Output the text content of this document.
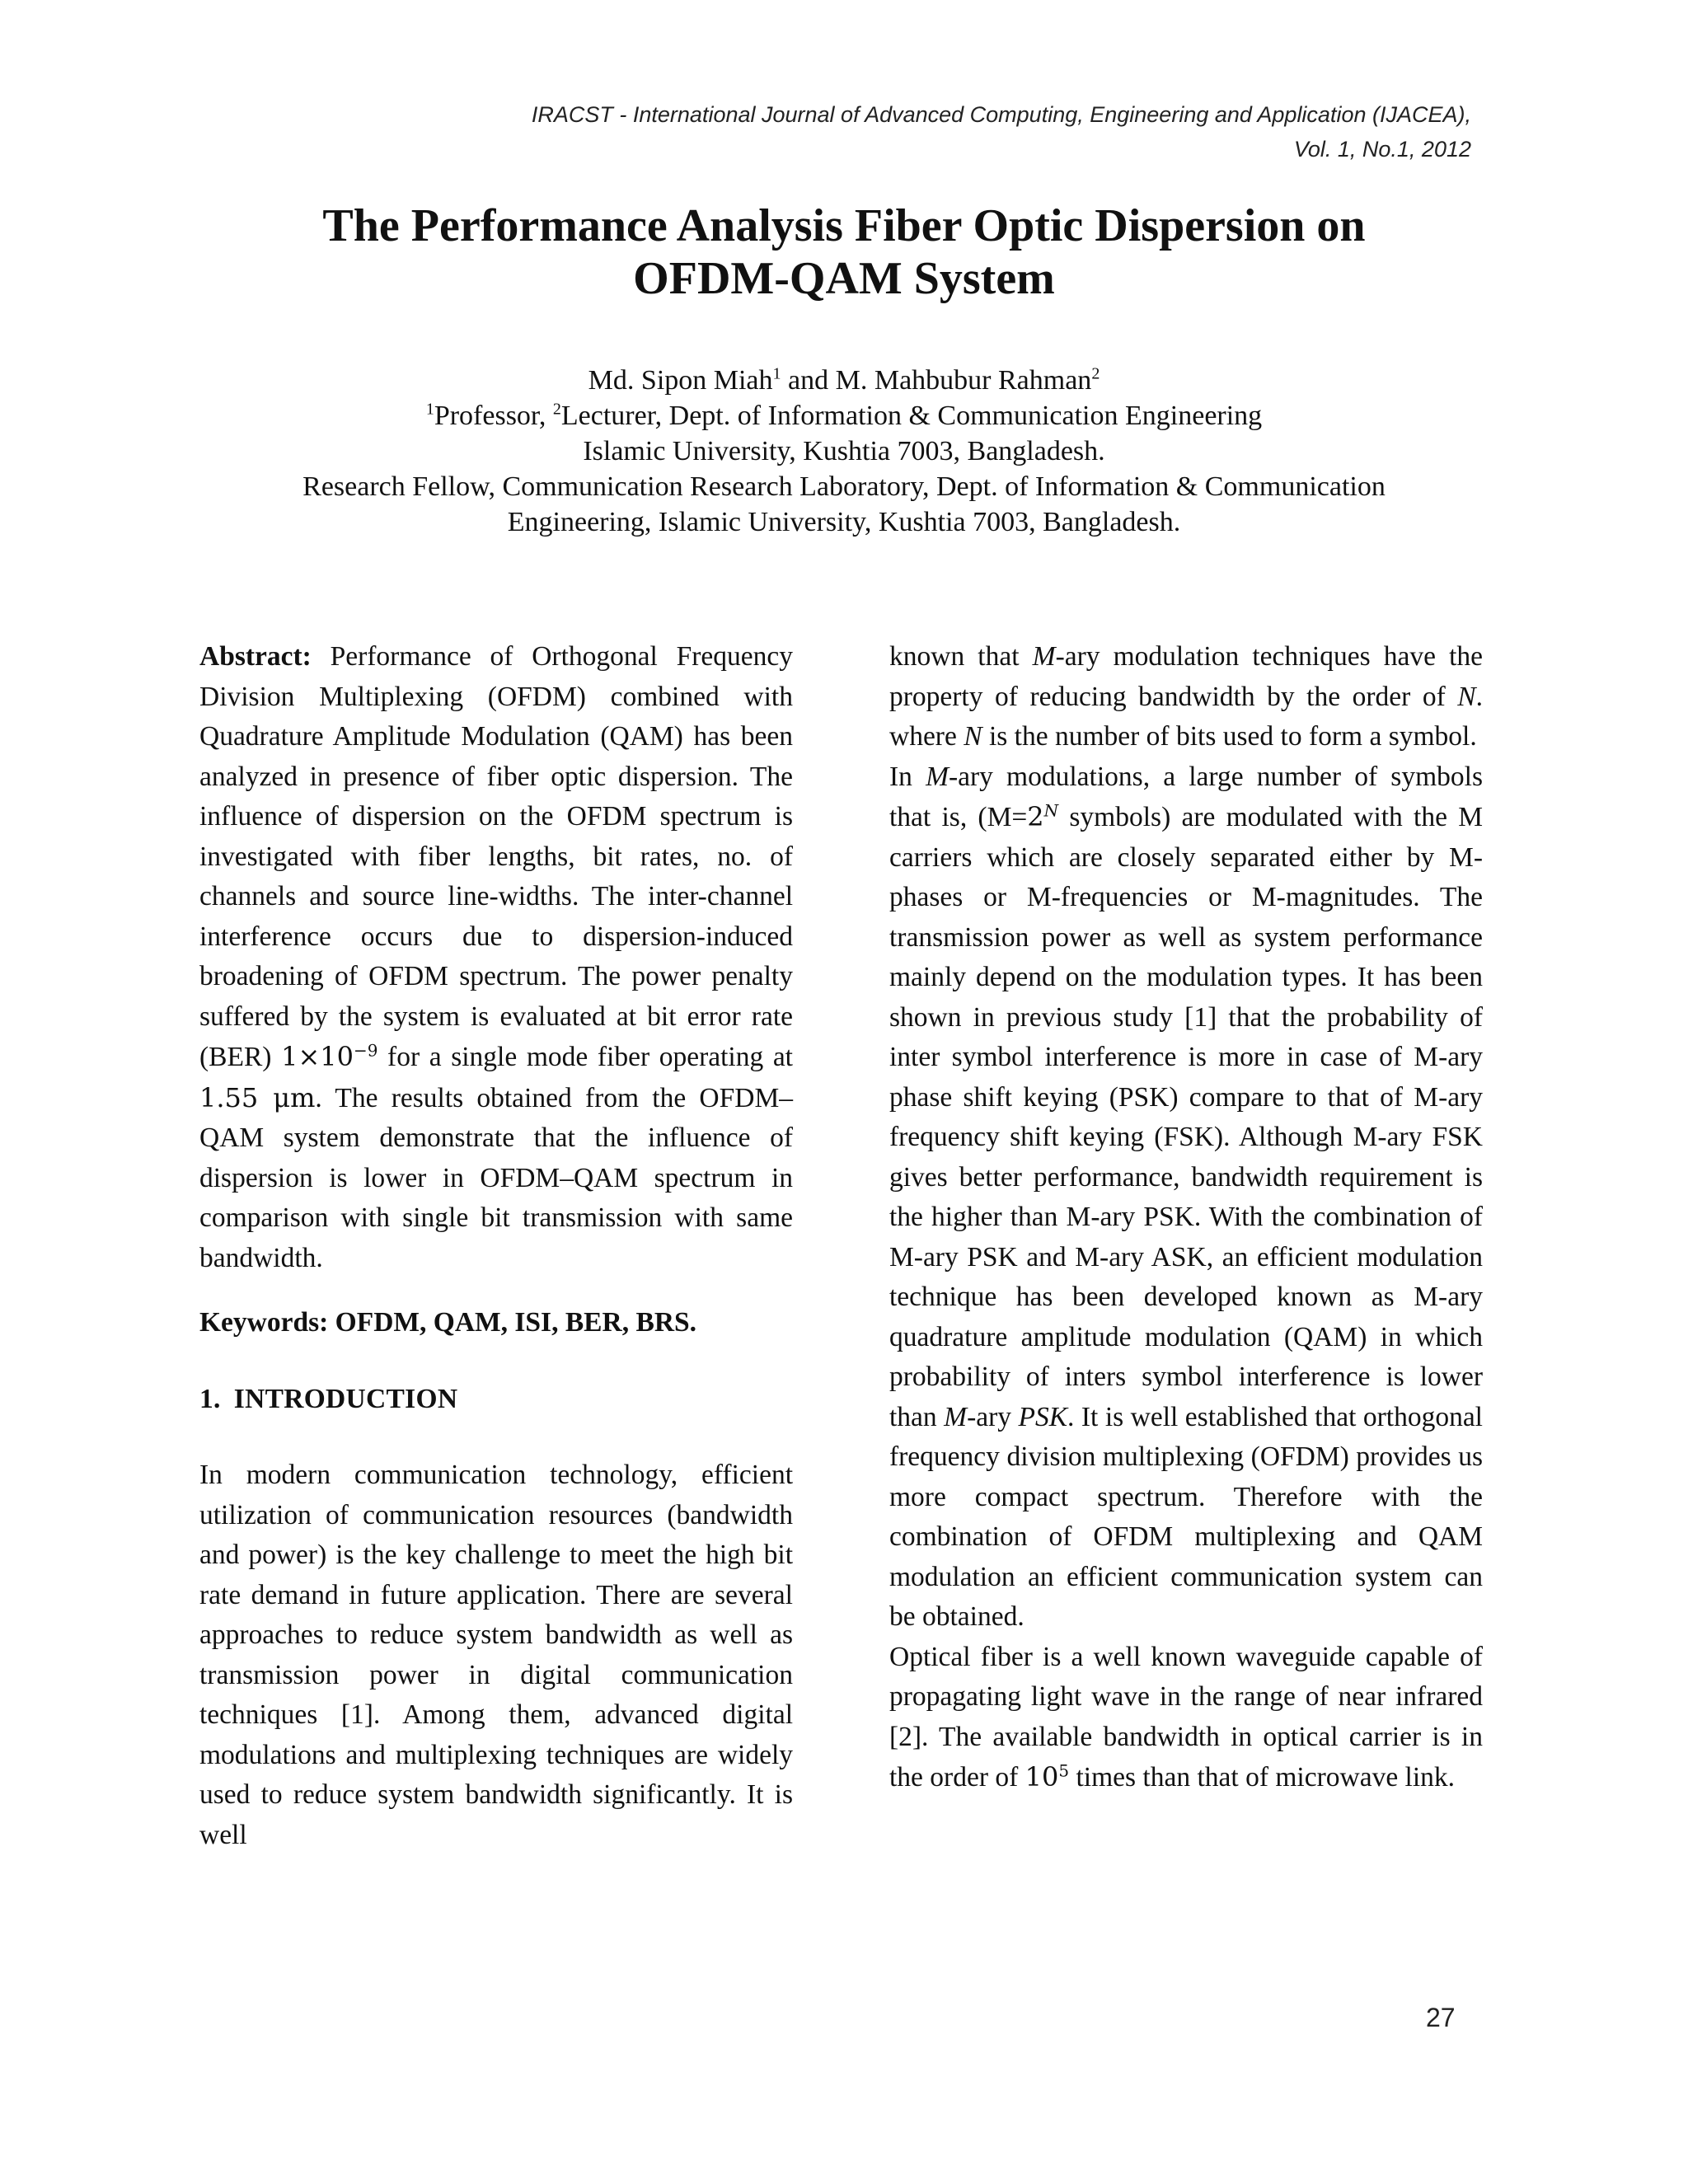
IRACST - International Journal of Advanced Computing, Engineering and Application (IJACEA),
Vol. 1, No.1, 2012
The Performance Analysis Fiber Optic Dispersion on
OFDM-QAM System
Md. Sipon Miah$^1$ and M. Mahbubur Rahman$^2$
$^1$Professor, $^2$Lecturer, Dept. of Information & Communication Engineering
Islamic University, Kushtia 7003, Bangladesh.
Research Fellow, Communication Research Laboratory, Dept. of Information & Communication
Engineering, Islamic University, Kushtia 7003, Bangladesh.

Abstract: Performance of Orthogonal Frequency Division Multiplexing (OFDM) combined with Quadrature Amplitude Modulation (QAM) has been analyzed in presence of fiber optic dispersion. The influence of dispersion on the OFDM spectrum is investigated with fiber lengths, bit rates, no. of channels and source line-widths. The inter-channel interference occurs due to dispersion-induced broadening of OFDM spectrum. The power penalty suffered by the system is evaluated at bit error rate (BER) $1\times 10^{-9}$ for a single mode fiber operating at 1.55 μm. The results obtained from the OFDM–QAM system demonstrate that the influence of dispersion is lower in OFDM–QAM spectrum in comparison with single bit transmission with same bandwidth.

Keywords: OFDM, QAM, ISI, BER, BRS.

1. INTRODUCTION

In modern communication technology, efficient utilization of communication resources (bandwidth and power) is the key challenge to meet the high bit rate demand in future application. There are several approaches to reduce system bandwidth as well as transmission power in digital communication techniques [1]. Among them, advanced digital modulations and multiplexing techniques are widely used to reduce system bandwidth significantly. It is well

known that M-ary modulation techniques have the property of reducing bandwidth by the order of N. where N is the number of bits used to form a symbol.

In M-ary modulations, a large number of symbols that is, ($M=2^N$ symbols) are modulated with the M carriers which are closely separated either by M-phases or M-frequencies or M-magnitudes. The transmission power as well as system performance mainly depend on the modulation types. It has been shown in previous study [1] that the probability of inter symbol interference is more in case of M-ary phase shift keying (PSK) compare to that of M-ary frequency shift keying (FSK). Although M-ary FSK gives better performance, bandwidth requirement is the higher than M-ary PSK. With the combination of M-ary PSK and M-ary ASK, an efficient modulation technique has been developed known as M-ary quadrature amplitude modulation (QAM) in which probability of inters symbol interference is lower than M-ary PSK. It is well established that orthogonal frequency division multiplexing (OFDM) provides us more compact spectrum. Therefore with the combination of OFDM multiplexing and QAM modulation an efficient communication system can be obtained.

Optical fiber is a well known waveguide capable of propagating light wave in the range of near infrared [2]. The available bandwidth in optical carrier is in the order of $10^5$ times than that of microwave link.

27
